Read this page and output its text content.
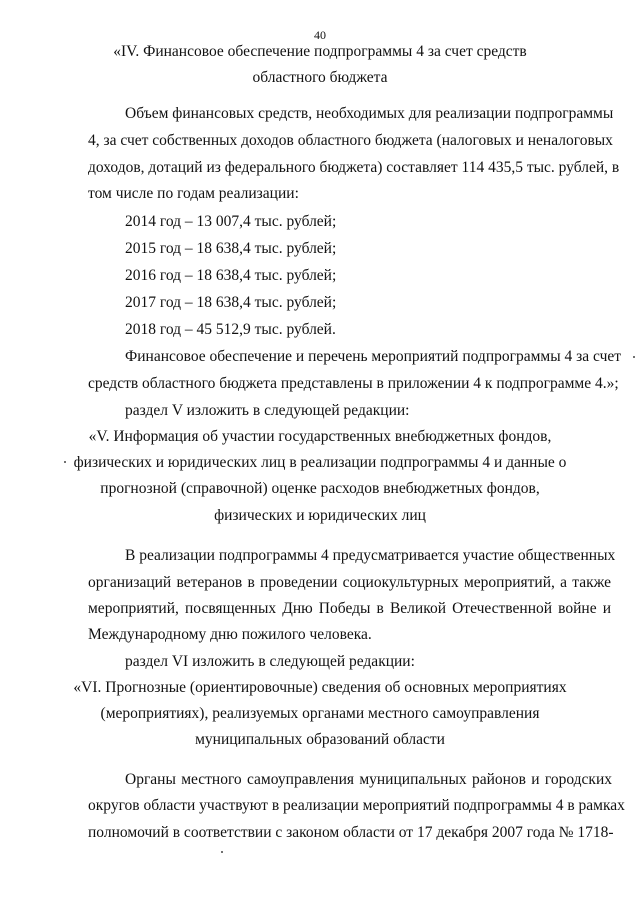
40
«IV. Финансовое обеспечение подпрограммы 4 за счет средств
областного бюджета
Объем финансовых средств, необходимых для реализации подпрограммы
4, за счет собственных доходов областного бюджета (налоговых и неналоговых
доходов, дотаций из федерального бюджета) составляет 114 435,5 тыс. рублей, в
том числе по годам реализации:
2014 год – 13 007,4 тыс. рублей;
2015 год – 18 638,4 тыс. рублей;
2016 год – 18 638,4 тыс. рублей;
2017 год – 18 638,4 тыс. рублей;
2018 год – 45 512,9 тыс. рублей.
Финансовое обеспечение и перечень мероприятий подпрограммы 4 за счет
средств областного бюджета представлены в приложении 4 к подпрограмме 4.»;
раздел V изложить в следующей редакции:
«V. Информация об участии государственных внебюджетных фондов,
физических и юридических лиц в реализации подпрограммы 4 и данные о
прогнозной (справочной) оценке расходов внебюджетных фондов,
физических и юридических лиц
В реализации подпрограммы 4 предусматривается участие общественных
организаций ветеранов в проведении социокультурных мероприятий, а также
мероприятий, посвященных Дню Победы в Великой Отечественной войне и
Международному дню пожилого человека.
раздел VI изложить в следующей редакции:
«VI. Прогнозные (ориентировочные) сведения об основных мероприятиях
(мероприятиях), реализуемых органами местного самоуправления
муниципальных образований области
Органы местного самоуправления муниципальных районов и городских
округов области участвуют в реализации мероприятий подпрограммы 4 в рамках
полномочий в соответствии с законом области от 17 декабря 2007 года № 1718-
